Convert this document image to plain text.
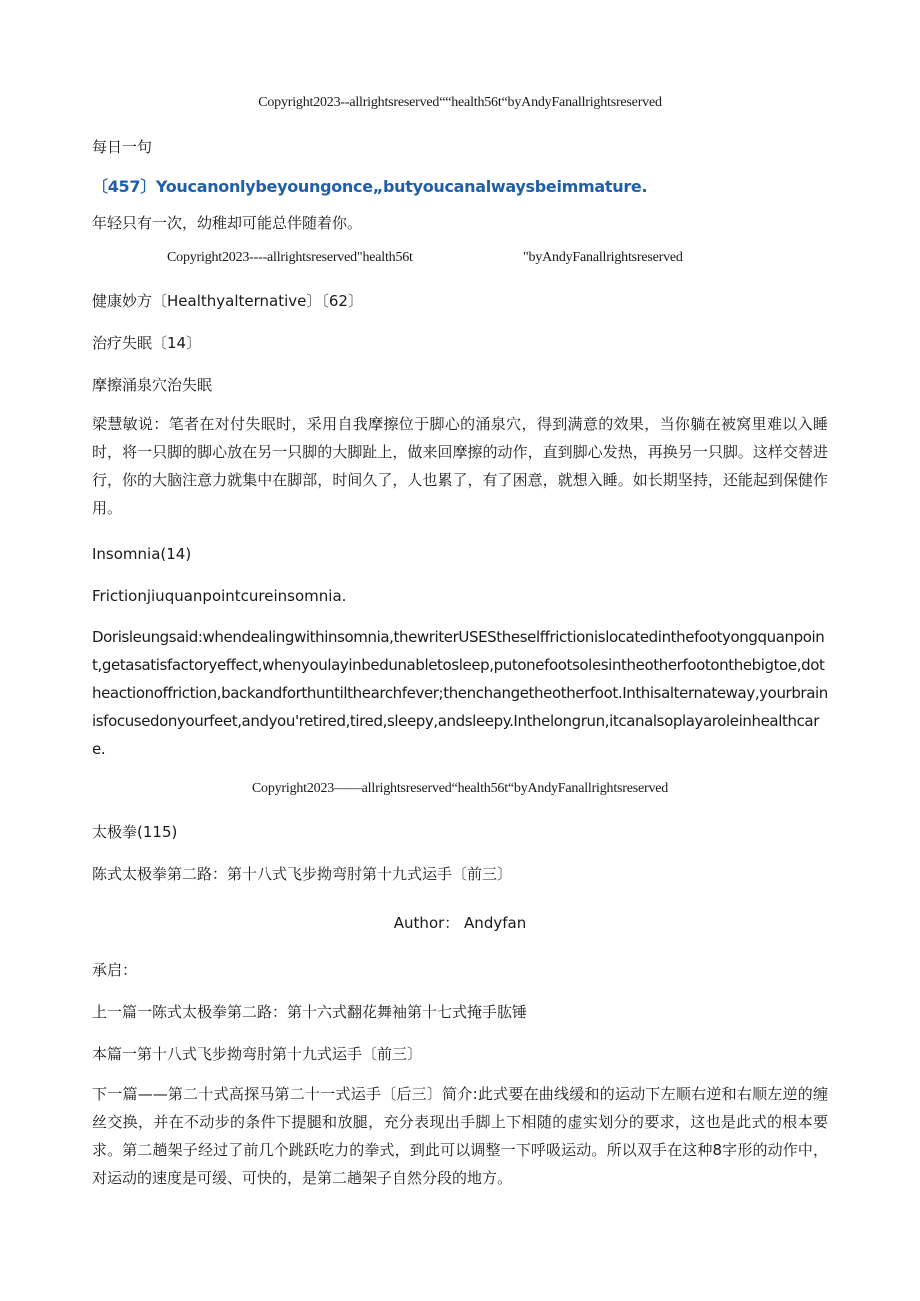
Copyright2023--allrightsreserved““health56t“byAndyFanallrightsreserved
每日一句
〔457〕Youcanonlybeyoungonce„butyoucanalwaysbeimmature.
年轻只有一次，幼稚却可能总伴随着你。
Copyright2023----allrightsreserved"health56t	"byAndyFanallrightsreserved
健康妙方〔Healthyalternative〕〔62〕
治疗失眠〔14〕
摩擦涌泉穴治失眠
梁慧敏说：笔者在对付失眠时，采用自我摩擦位于脚心的涌泉穴，得到满意的效果，当你躺在被窝里难以入睡时，将一只脚的脚心放在另一只脚的大脚趾上，做来回摩擦的动作，直到脚心发热，再换另一只脚。这样交替进行，你的大脑注意力就集中在脚部，时间久了，人也累了，有了困意，就想入睡。如长期坚持，还能起到保健作用。
Insomnia(14)
Frictionjiuquanpointcureinsomnia.
Dorisleungsaid:whendealingwithinsomnia,thewriterUSEStheselffrictionislocatedinthefootyongquanpoint,getasatisfactoryeffect,whenyoulayinbedunabletosleep,putonefootsolesintheotherfootonthebigtoe,dotheactionoffriction,backandforthuntilthearchfever;thenchangetheotherfoot.Inthisalternateway,yourbrainisfocusedonyourfeet,andyou'retired,tired,sleepy,andsleepy.Inthelongrun,itcanalsoplayaroleinhealthcare.
Copyright2023——allrightsreserved“health56t“byAndyFanallrightsreserved
太极拳(115)
陈式太极拳第二路：第十八式飞步拗弯肘第十九式运手〔前三〕
Author： Andyfan
承启：
上一篇一陈式太极拳第二路：第十六式翻花舞袖第十七式掩手肱锤
本篇一第十八式飞步拗弯肘第十九式运手〔前三〕
下一篇——第二十式高探马第二十一式运手〔后三〕简介:此式要在曲线缓和的运动下左顺右逆和右顺左逆的缠丝交换，并在不动步的条件下提腿和放腿，充分表现出手脚上下相随的虚实划分的要求，这也是此式的根本要求。第二趟架子经过了前几个跳跃吃力的拳式，到此可以调整一下呼吸运动。所以双手在这种8字形的动作中，对运动的速度是可缓、可快的，是第二趟架子自然分段的地方。
